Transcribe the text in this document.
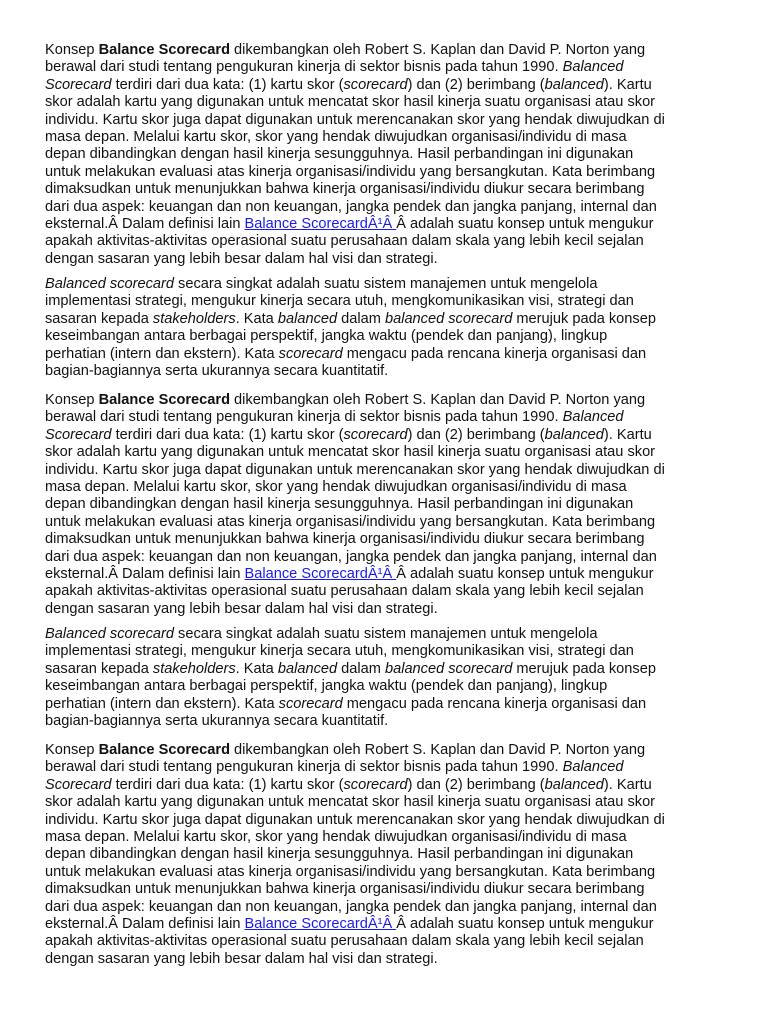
Konsep Balance Scorecard dikembangkan oleh Robert S. Kaplan dan David P. Norton yang
berawal dari studi tentang pengukuran kinerja di sektor bisnis pada tahun 1990. Balanced
Scorecard terdiri dari dua kata: (1) kartu skor (scorecard) dan (2) berimbang (balanced). Kartu
skor adalah kartu yang digunakan untuk mencatat skor hasil kinerja suatu organisasi atau skor
individu. Kartu skor juga dapat digunakan untuk merencanakan skor yang hendak diwujudkan di
masa depan. Melalui kartu skor, skor yang hendak diwujudkan organisasi/individu di masa
depan dibandingkan dengan hasil kinerja sesungguhnya. Hasil perbandingan ini digunakan
untuk melakukan evaluasi atas kinerja organisasi/individu yang bersangkutan. Kata berimbang
dimaksudkan untuk menunjukkan bahwa kinerja organisasi/individu diukur secara berimbang
dari dua aspek: keuangan dan non keuangan, jangka pendek dan jangka panjang, internal dan
eksternal.Â Dalam definisi lain Balance ScorecardÂ¹Â Â adalah suatu konsep untuk mengukur
apakah aktivitas-aktivitas operasional suatu perusahaan dalam skala yang lebih kecil sejalan
dengan sasaran yang lebih besar dalam hal visi dan strategi.

Balanced scorecard secara singkat adalah suatu sistem manajemen untuk mengelola
implementasi strategi, mengukur kinerja secara utuh, mengkomunikasikan visi, strategi dan
sasaran kepada stakeholders. Kata balanced dalam balanced scorecard merujuk pada konsep
keseimbangan antara berbagai perspektif, jangka waktu (pendek dan panjang), lingkup
perhatian (intern dan ekstern). Kata scorecard mengacu pada rencana kinerja organisasi dan
bagian-bagiannya serta ukurannya secara kuantitatif.

Konsep Balance Scorecard dikembangkan oleh Robert S. Kaplan dan David P. Norton yang
berawal dari studi tentang pengukuran kinerja di sektor bisnis pada tahun 1990. Balanced
Scorecard terdiri dari dua kata: (1) kartu skor (scorecard) dan (2) berimbang (balanced). Kartu
skor adalah kartu yang digunakan untuk mencatat skor hasil kinerja suatu organisasi atau skor
individu. Kartu skor juga dapat digunakan untuk merencanakan skor yang hendak diwujudkan di
masa depan. Melalui kartu skor, skor yang hendak diwujudkan organisasi/individu di masa
depan dibandingkan dengan hasil kinerja sesungguhnya. Hasil perbandingan ini digunakan
untuk melakukan evaluasi atas kinerja organisasi/individu yang bersangkutan. Kata berimbang
dimaksudkan untuk menunjukkan bahwa kinerja organisasi/individu diukur secara berimbang
dari dua aspek: keuangan dan non keuangan, jangka pendek dan jangka panjang, internal dan
eksternal.Â Dalam definisi lain Balance ScorecardÂ¹Â Â adalah suatu konsep untuk mengukur
apakah aktivitas-aktivitas operasional suatu perusahaan dalam skala yang lebih kecil sejalan
dengan sasaran yang lebih besar dalam hal visi dan strategi.

Balanced scorecard secara singkat adalah suatu sistem manajemen untuk mengelola
implementasi strategi, mengukur kinerja secara utuh, mengkomunikasikan visi, strategi dan
sasaran kepada stakeholders. Kata balanced dalam balanced scorecard merujuk pada konsep
keseimbangan antara berbagai perspektif, jangka waktu (pendek dan panjang), lingkup
perhatian (intern dan ekstern). Kata scorecard mengacu pada rencana kinerja organisasi dan
bagian-bagiannya serta ukurannya secara kuantitatif.

Konsep Balance Scorecard dikembangkan oleh Robert S. Kaplan dan David P. Norton yang
berawal dari studi tentang pengukuran kinerja di sektor bisnis pada tahun 1990. Balanced
Scorecard terdiri dari dua kata: (1) kartu skor (scorecard) dan (2) berimbang (balanced). Kartu
skor adalah kartu yang digunakan untuk mencatat skor hasil kinerja suatu organisasi atau skor
individu. Kartu skor juga dapat digunakan untuk merencanakan skor yang hendak diwujudkan di
masa depan. Melalui kartu skor, skor yang hendak diwujudkan organisasi/individu di masa
depan dibandingkan dengan hasil kinerja sesungguhnya. Hasil perbandingan ini digunakan
untuk melakukan evaluasi atas kinerja organisasi/individu yang bersangkutan. Kata berimbang
dimaksudkan untuk menunjukkan bahwa kinerja organisasi/individu diukur secara berimbang
dari dua aspek: keuangan dan non keuangan, jangka pendek dan jangka panjang, internal dan
eksternal.Â Dalam definisi lain Balance ScorecardÂ¹Â Â adalah suatu konsep untuk mengukur
apakah aktivitas-aktivitas operasional suatu perusahaan dalam skala yang lebih kecil sejalan
dengan sasaran yang lebih besar dalam hal visi dan strategi.
